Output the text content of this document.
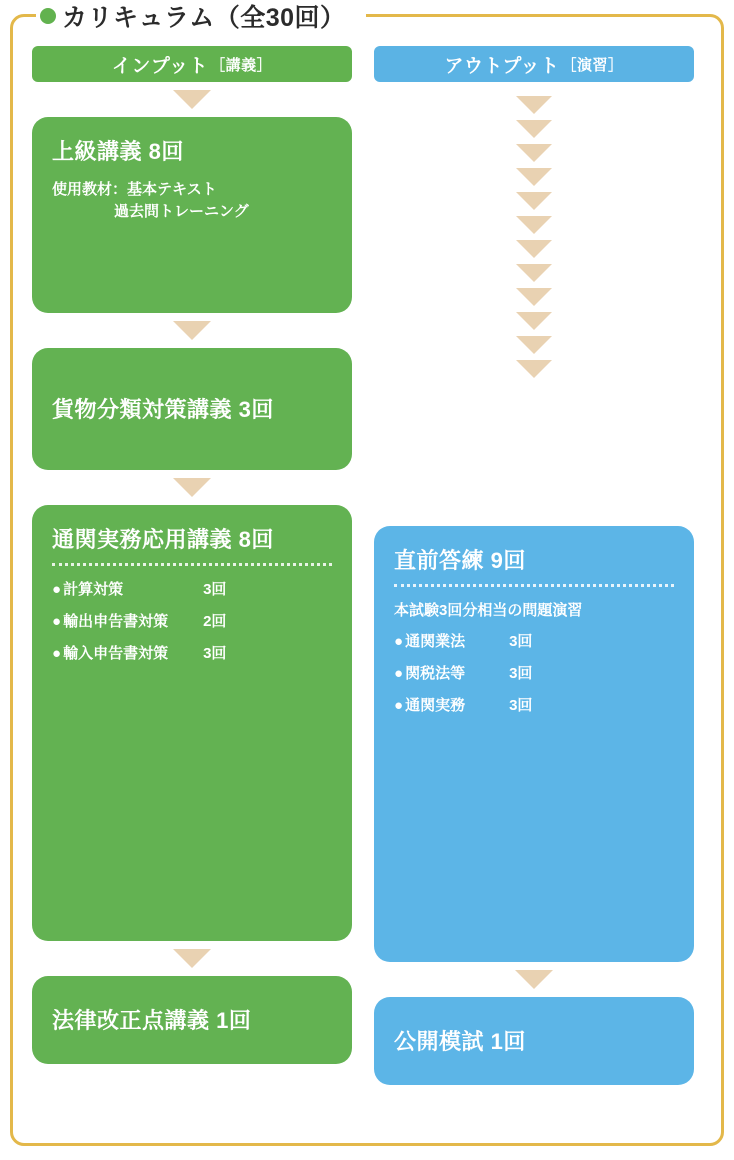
カリキュラム（全30回）
インプット ［講義］
上級講義 8回
使用教材：基本テキスト
過去問トレーニング
貨物分類対策講義 3回
通関実務応用講義 8回
● 計算対策	3回
● 輸出申告書対策	2回
● 輸入申告書対策	3回
法律改正点講義 1回
アウトプット ［演習］
直前答練 9回
本試験3回分相当の問題演習
● 通関業法	3回
● 関税法等	3回
● 通関実務	3回
公開模試 1回
